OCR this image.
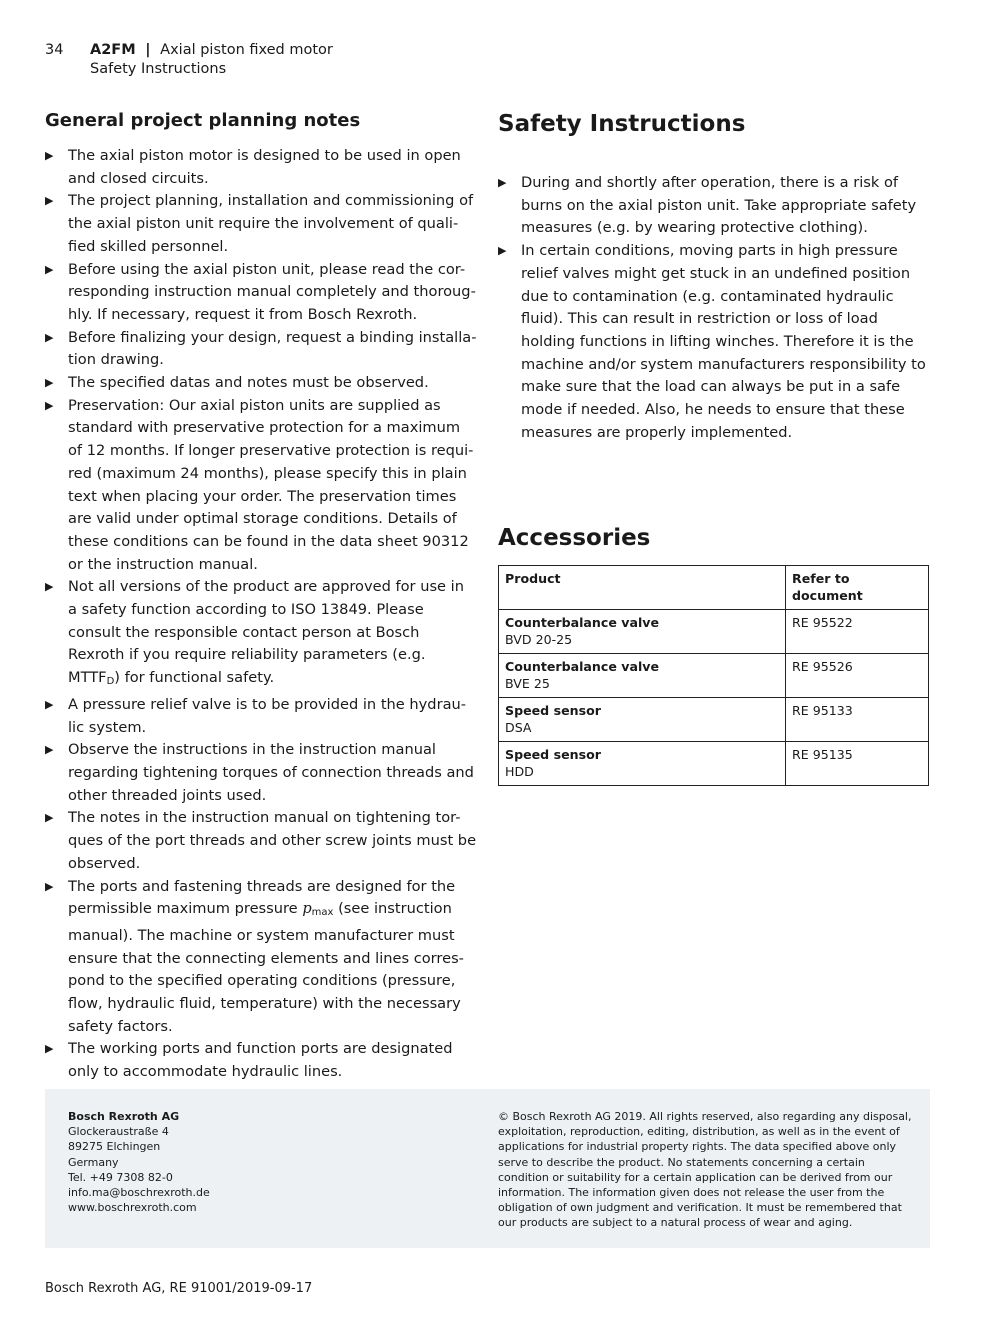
34 A2FM | Axial piston fixed motor
Safety Instructions
General project planning notes
▶ The axial piston motor is designed to be used in open and closed circuits.
▶ The project planning, installation and commissioning of the axial piston unit require the involvement of quali-fied skilled personnel.
▶ Before using the axial piston unit, please read the cor-responding instruction manual completely and thoroug-hly. If necessary, request it from Bosch Rexroth.
▶ Before finalizing your design, request a binding installa-tion drawing.
▶ The specified datas and notes must be observed.
▶ Preservation: Our axial piston units are supplied as standard with preservative protection for a maximum of 12 months. If longer preservative protection is requi-red (maximum 24 months), please specify this in plain text when placing your order. The preservation times are valid under optimal storage conditions. Details of these conditions can be found in the data sheet 90312 or the instruction manual.
▶ Not all versions of the product are approved for use in a safety function according to ISO 13849. Please consult the responsible contact person at Bosch Rexroth if you require reliability parameters (e.g. $MTTF_D$) for functional safety.
▶ A pressure relief valve is to be provided in the hydrau-lic system.
▶ Observe the instructions in the instruction manual regarding tightening torques of connection threads and other threaded joints used.
▶ The notes in the instruction manual on tightening tor-ques of the port threads and other screw joints must be observed.
▶ The ports and fastening threads are designed for the permissible maximum pressure $p_{max}$ (see instruction manual). The machine or system manufacturer must ensure that the connecting elements and lines corres-pond to the specified operating conditions (pressure, flow, hydraulic fluid, temperature) with the necessary safety factors.
▶ The working ports and function ports are designated only to accommodate hydraulic lines.
Safety Instructions
▶ During and shortly after operation, there is a risk of burns on the axial piston unit. Take appropriate safety measures (e.g. by wearing protective clothing).
▶ In certain conditions, moving parts in high pressure relief valves might get stuck in an undefined position due to contamination (e.g. contaminated hydraulic fluid). This can result in restriction or loss of load holding functions in lifting winches. Therefore it is the machine and/or system manufacturers responsibility to make sure that the load can always be put in a safe mode if needed. Also, he needs to ensure that these measures are properly implemented.
Accessories
Product	Refer to document

Counterbalance valve
BVD 20-25	RE 95522

Counterbalance valve
BVE 25	RE 95526

Speed sensor
DSA	RE 95133

Speed sensor
HDD	RE 95135
Bosch Rexroth AG
Glockeraustraße 4
89275 Elchingen
Germany
Tel. +49 7308 82-0
info.ma@boschrexroth.de
www.boschrexroth.com
© Bosch Rexroth AG 2019. All rights reserved, also regarding any disposal, exploitation, reproduction, editing, distribution, as well as in the event of applications for industrial property rights. The data specified above only serve to describe the product. No statements concerning a certain condition or suitability for a certain application can be derived from our information. The information given does not release the user from the obligation of own judgment and verification. It must be remembered that our products are subject to a natural process of wear and aging.
Bosch Rexroth AG, RE 91001/2019-09-17
